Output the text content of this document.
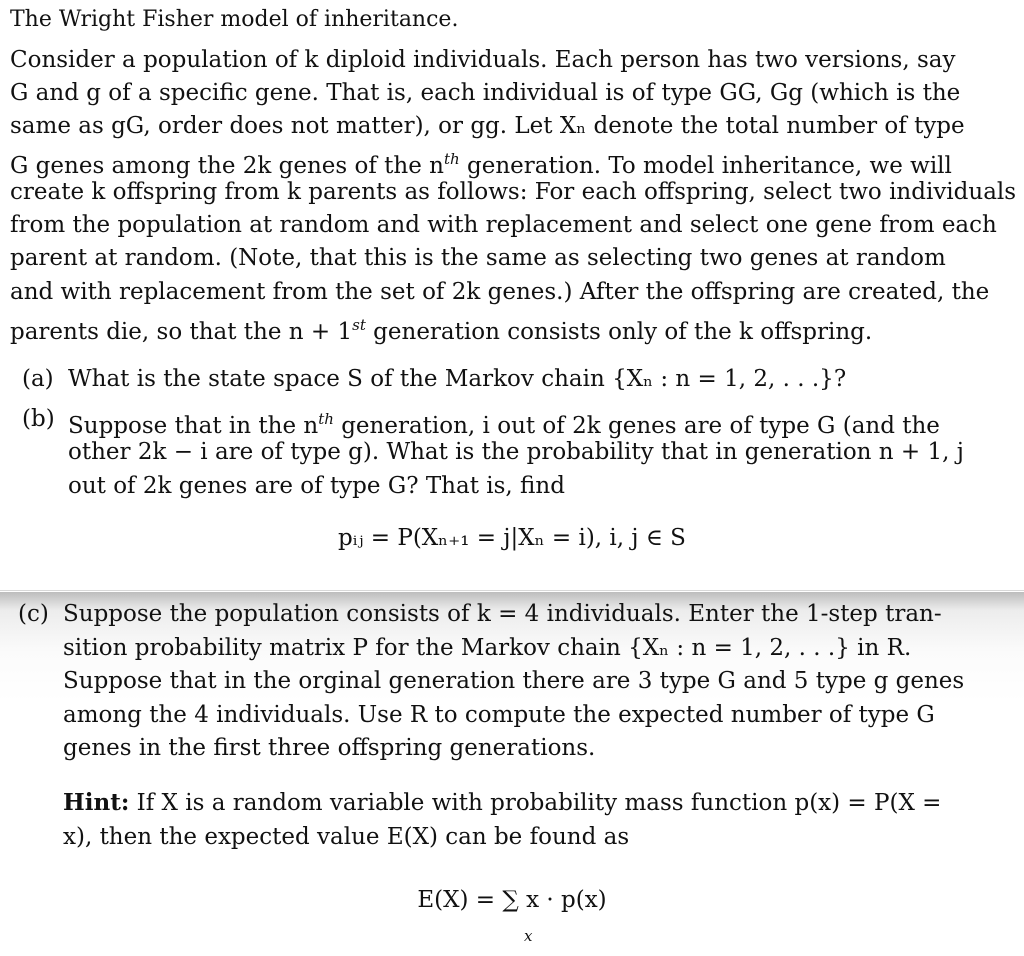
The Wright Fisher model of inheritance.
Consider a population of k diploid individuals. Each person has two versions, say
G and g of a specific gene. That is, each individual is of type GG, Gg (which is the
same as gG, order does not matter), or gg. Let Xₙ denote the total number of type
G genes among the 2k genes of the $n^{th}$ generation. To model inheritance, we will
create k offspring from k parents as follows: For each offspring, select two individuals
from the population at random and with replacement and select one gene from each
parent at random. (Note, that this is the same as selecting two genes at random
and with replacement from the set of 2k genes.) After the offspring are created, the
parents die, so that the n + 1st generation consists only of the k offspring.
(a) What is the state space S of the Markov chain {Xₙ : n = 1, 2, . . .}?
(b) Suppose that in the $n^{th}$ generation, i out of 2k genes are of type G (and the
other 2k − i are of type g). What is the probability that in generation n + 1, j
out of 2k genes are of type G? That is, find
pᵢⱼ = P(Xₙ₊₁ = j|Xₙ = i), i, j ∈ S
(c) Suppose the population consists of k = 4 individuals. Enter the 1-step tran-
sition probability matrix P for the Markov chain {Xₙ : n = 1, 2, . . .} in R.
Suppose that in the orginal generation there are 3 type G and 5 type g genes
among the 4 individuals. Use R to compute the expected number of type G
genes in the first three offspring generations.
Hint: If X is a random variable with probability mass function p(x) = P(X =
x), then the expected value E(X) can be found as
E(X) = ∑ x · p(x)
x
